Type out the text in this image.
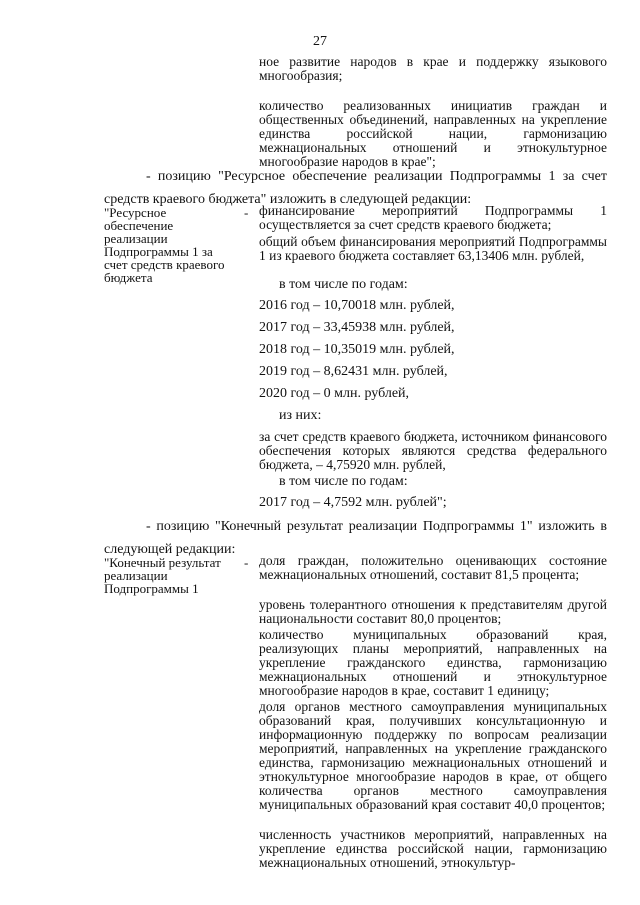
27

ное развитие народов в крае и поддержку языкового многообразия;

количество реализованных инициатив граждан и общественных объединений, направленных на укрепление единства российской нации, гармонизацию межнациональных отношений и этнокультурное многообразие народов в крае";

- позицию "Ресурсное обеспечение реализации Подпрограммы 1 за счет средств краевого бюджета" изложить в следующей редакции:

"Ресурсное обеспечение реализации Подпрограммы 1 за счет средств краевого бюджета

- финансирование мероприятий Подпрограммы 1 осуществляется за счет средств краевого бюджета;

общий объем финансирования мероприятий Подпрограммы 1 из краевого бюджета составляет 63,13406 млн. рублей,

в том числе по годам:

2016 год – 10,70018 млн. рублей,

2017 год – 33,45938 млн. рублей,

2018 год – 10,35019 млн. рублей,

2019 год – 8,62431 млн. рублей,

2020 год – 0 млн. рублей,

из них:

за счет средств краевого бюджета, источником финансового обеспечения которых являются средства федерального бюджета, – 4,75920 млн. рублей,

в том числе по годам:

2017 год – 4,7592 млн. рублей";

- позицию "Конечный результат реализации Подпрограммы 1" изложить в следующей редакции:

"Конечный результат реализации Подпрограммы 1

- доля граждан, положительно оценивающих состояние межнациональных отношений, составит 81,5 процента;

уровень толерантного отношения к представителям другой национальности составит 80,0 процентов;

количество муниципальных образований края, реализующих планы мероприятий, направленных на укрепление гражданского единства, гармонизацию межнациональных отношений и этнокультурное многообразие народов в крае, составит 1 единицу;

доля органов местного самоуправления муниципальных образований края, получивших консультационную и информационную поддержку по вопросам реализации мероприятий, направленных на укрепление гражданского единства, гармонизацию межнациональных отношений и этнокультурное многообразие народов в крае, от общего количества органов местного самоуправления муниципальных образований края составит 40,0 процентов;

численность участников мероприятий, направленных на укрепление единства российской нации, гармонизацию межнациональных отношений, этнокультур-
